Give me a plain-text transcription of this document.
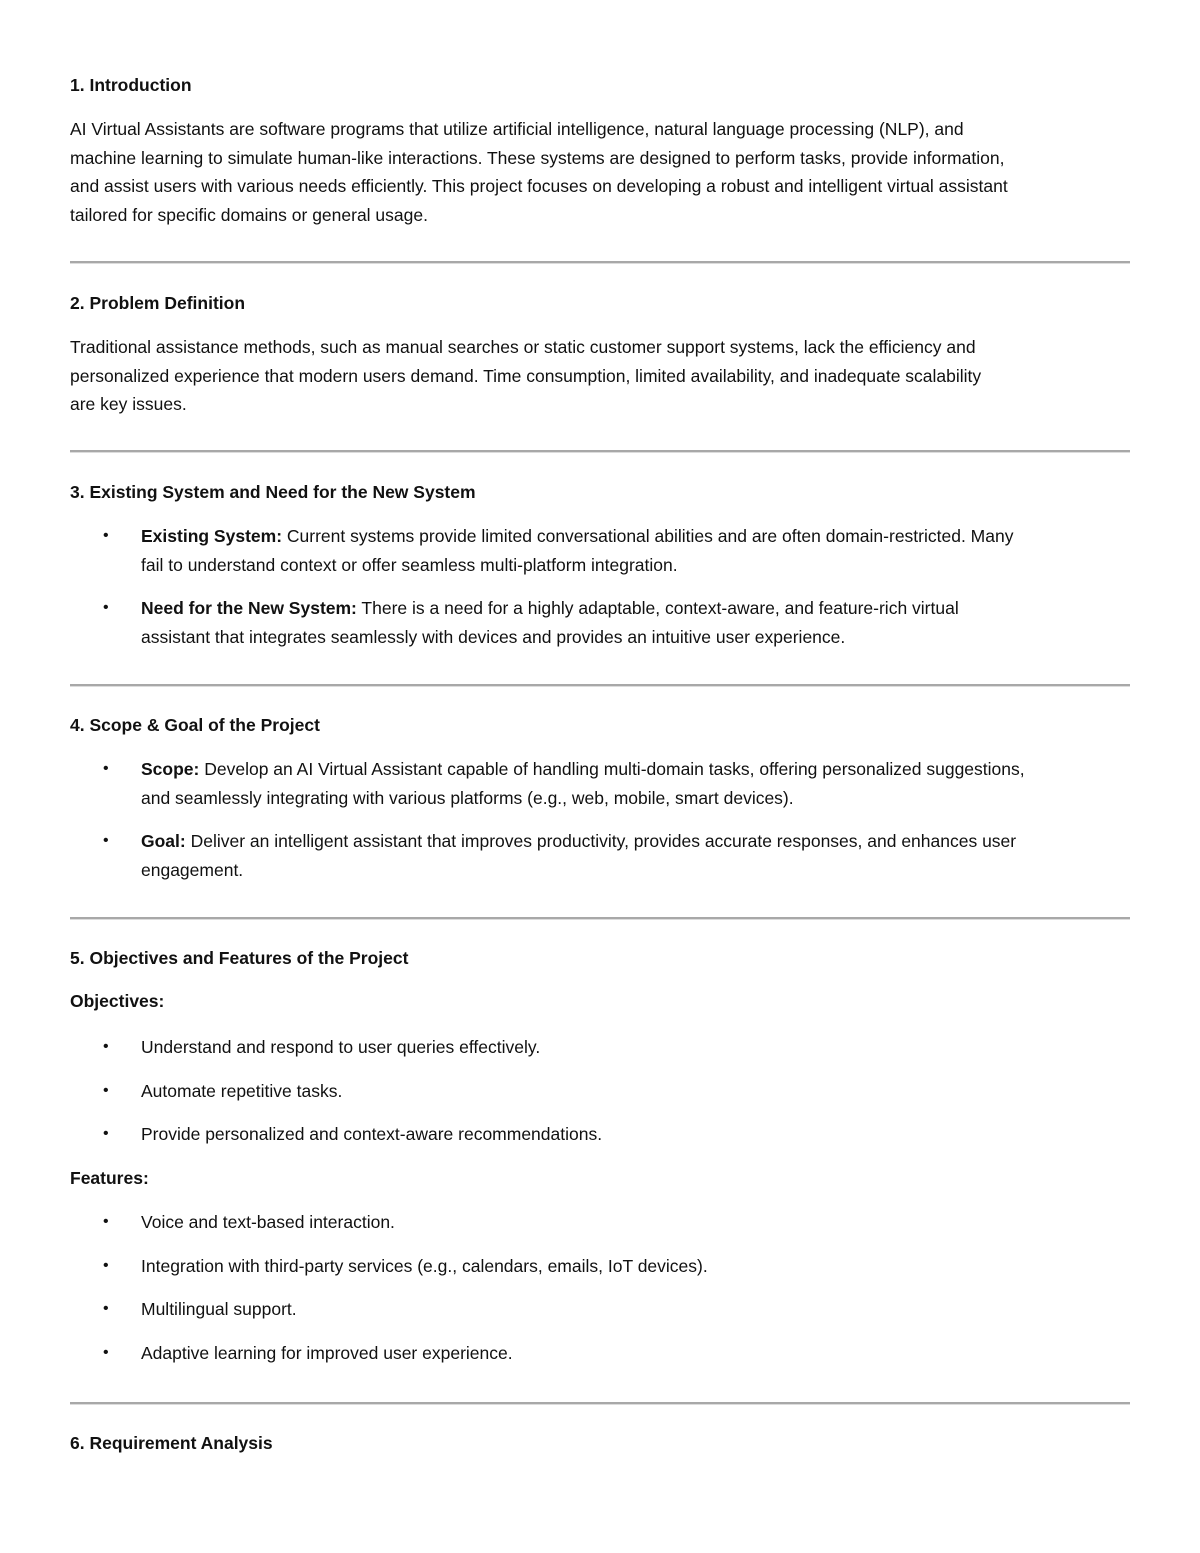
1. Introduction
AI Virtual Assistants are software programs that utilize artificial intelligence, natural language processing (NLP), and
machine learning to simulate human-like interactions. These systems are designed to perform tasks, provide information,
and assist users with various needs efficiently. This project focuses on developing a robust and intelligent virtual assistant
tailored for specific domains or general usage.
2. Problem Definition
Traditional assistance methods, such as manual searches or static customer support systems, lack the efficiency and
personalized experience that modern users demand. Time consumption, limited availability, and inadequate scalability
are key issues.
3. Existing System and Need for the New System
• Existing System: Current systems provide limited conversational abilities and are often domain-restricted. Many
fail to understand context or offer seamless multi-platform integration.
• Need for the New System: There is a need for a highly adaptable, context-aware, and feature-rich virtual
assistant that integrates seamlessly with devices and provides an intuitive user experience.
4. Scope & Goal of the Project
• Scope: Develop an AI Virtual Assistant capable of handling multi-domain tasks, offering personalized suggestions,
and seamlessly integrating with various platforms (e.g., web, mobile, smart devices).
• Goal: Deliver an intelligent assistant that improves productivity, provides accurate responses, and enhances user
engagement.
5. Objectives and Features of the Project
Objectives:
• Understand and respond to user queries effectively.
• Automate repetitive tasks.
• Provide personalized and context-aware recommendations.
Features:
• Voice and text-based interaction.
• Integration with third-party services (e.g., calendars, emails, IoT devices).
• Multilingual support.
• Adaptive learning for improved user experience.
6. Requirement Analysis
